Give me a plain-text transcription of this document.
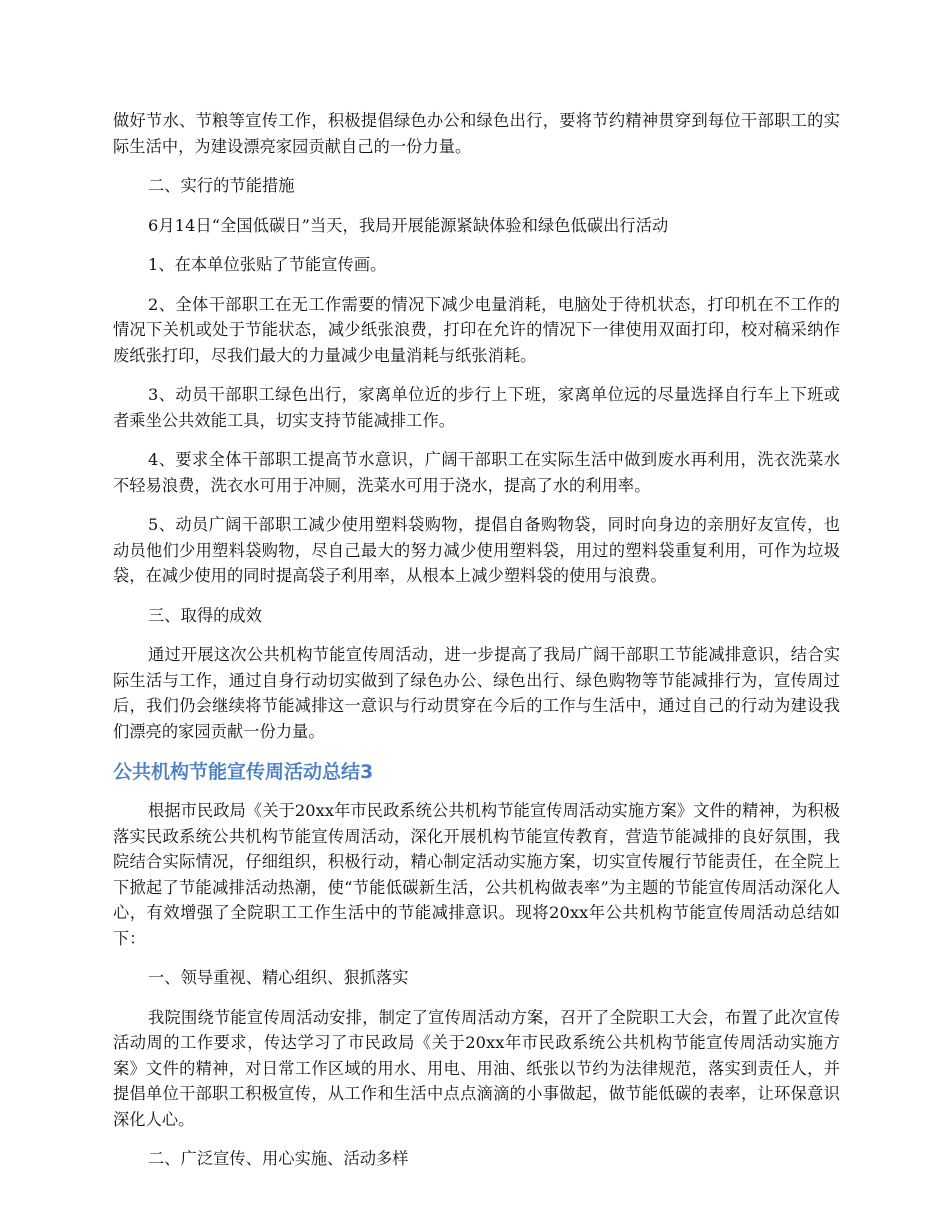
做好节水、节粮等宣传工作，积极提倡绿色办公和绿色出行，要将节约精神贯穿到每位干部职工的实际生活中，为建设漂亮家园贡献自己的一份力量。

二、实行的节能措施

6月14日“全国低碳日”当天，我局开展能源紧缺体验和绿色低碳出行活动

1、在本单位张贴了节能宣传画。

2、全体干部职工在无工作需要的情况下减少电量消耗，电脑处于待机状态，打印机在不工作的情况下关机或处于节能状态，减少纸张浪费，打印在允许的情况下一律使用双面打印，校对稿采纳作废纸张打印，尽我们最大的力量减少电量消耗与纸张消耗。

3、动员干部职工绿色出行，家离单位近的步行上下班，家离单位远的尽量选择自行车上下班或者乘坐公共效能工具，切实支持节能减排工作。

4、要求全体干部职工提高节水意识，广阔干部职工在实际生活中做到废水再利用，洗衣洗菜水不轻易浪费，洗衣水可用于冲厕，洗菜水可用于浇水，提高了水的利用率。

5、动员广阔干部职工减少使用塑料袋购物，提倡自备购物袋，同时向身边的亲朋好友宣传，也动员他们少用塑料袋购物，尽自己最大的努力减少使用塑料袋，用过的塑料袋重复利用，可作为垃圾袋，在减少使用的同时提高袋子利用率，从根本上减少塑料袋的使用与浪费。

三、取得的成效

通过开展这次公共机构节能宣传周活动，进一步提高了我局广阔干部职工节能减排意识，结合实际生活与工作，通过自身行动切实做到了绿色办公、绿色出行、绿色购物等节能减排行为，宣传周过后，我们仍会继续将节能减排这一意识与行动贯穿在今后的工作与生活中，通过自己的行动为建设我们漂亮的家园贡献一份力量。

公共机构节能宣传周活动总结3

根据市民政局《关于20xx年市民政系统公共机构节能宣传周活动实施方案》文件的精神，为积极落实民政系统公共机构节能宣传周活动，深化开展机构节能宣传教育，营造节能减排的良好氛围，我院结合实际情况，仔细组织，积极行动，精心制定活动实施方案，切实宣传履行节能责任，在全院上下掀起了节能减排活动热潮，使“节能低碳新生活，公共机构做表率”为主题的节能宣传周活动深化人心，有效增强了全院职工工作生活中的节能减排意识。现将20xx年公共机构节能宣传周活动总结如下：

一、领导重视、精心组织、狠抓落实

我院围绕节能宣传周活动安排，制定了宣传周活动方案，召开了全院职工大会，布置了此次宣传活动周的工作要求，传达学习了市民政局《关于20xx年市民政系统公共机构节能宣传周活动实施方案》文件的精神，对日常工作区域的用水、用电、用油、纸张以节约为法律规范，落实到责任人，并提倡单位干部职工积极宣传，从工作和生活中点点滴滴的小事做起，做节能低碳的表率，让环保意识深化人心。

二、广泛宣传、用心实施、活动多样
